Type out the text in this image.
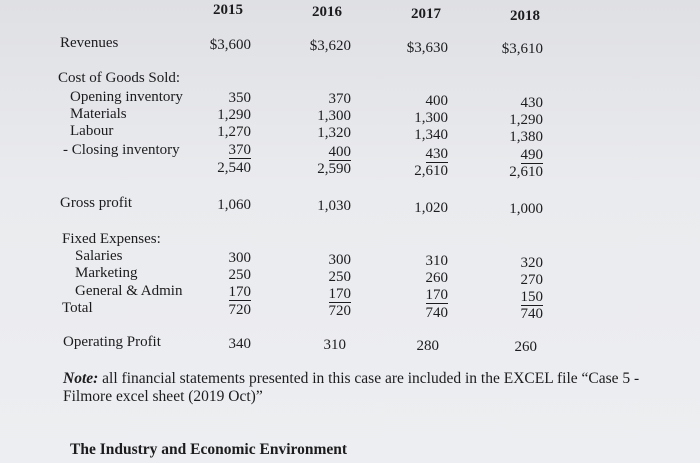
2015	2016	2017	2018
Revenues	$3,600	$3,620	$3,630	$3,610
Cost of Goods Sold:
Opening inventory	350	370	400	430
Materials	1,290	1,300	1,300	1,290
Labour	1,270	1,320	1,340	1,380
- Closing inventory	370	400	430	490
2,540	2,590	2,610	2,610
Gross profit	1,060	1,030	1,020	1,000
Fixed Expenses:
Salaries	300	300	310	320
Marketing	250	250	260	270
General & Admin	170	170	170	150
Total	720	720	740	740
Operating Profit	340	310	280	260
Note: all financial statements presented in this case are included in the EXCEL file “Case 5 - Filmore excel sheet (2019 Oct)”
The Industry and Economic Environment
